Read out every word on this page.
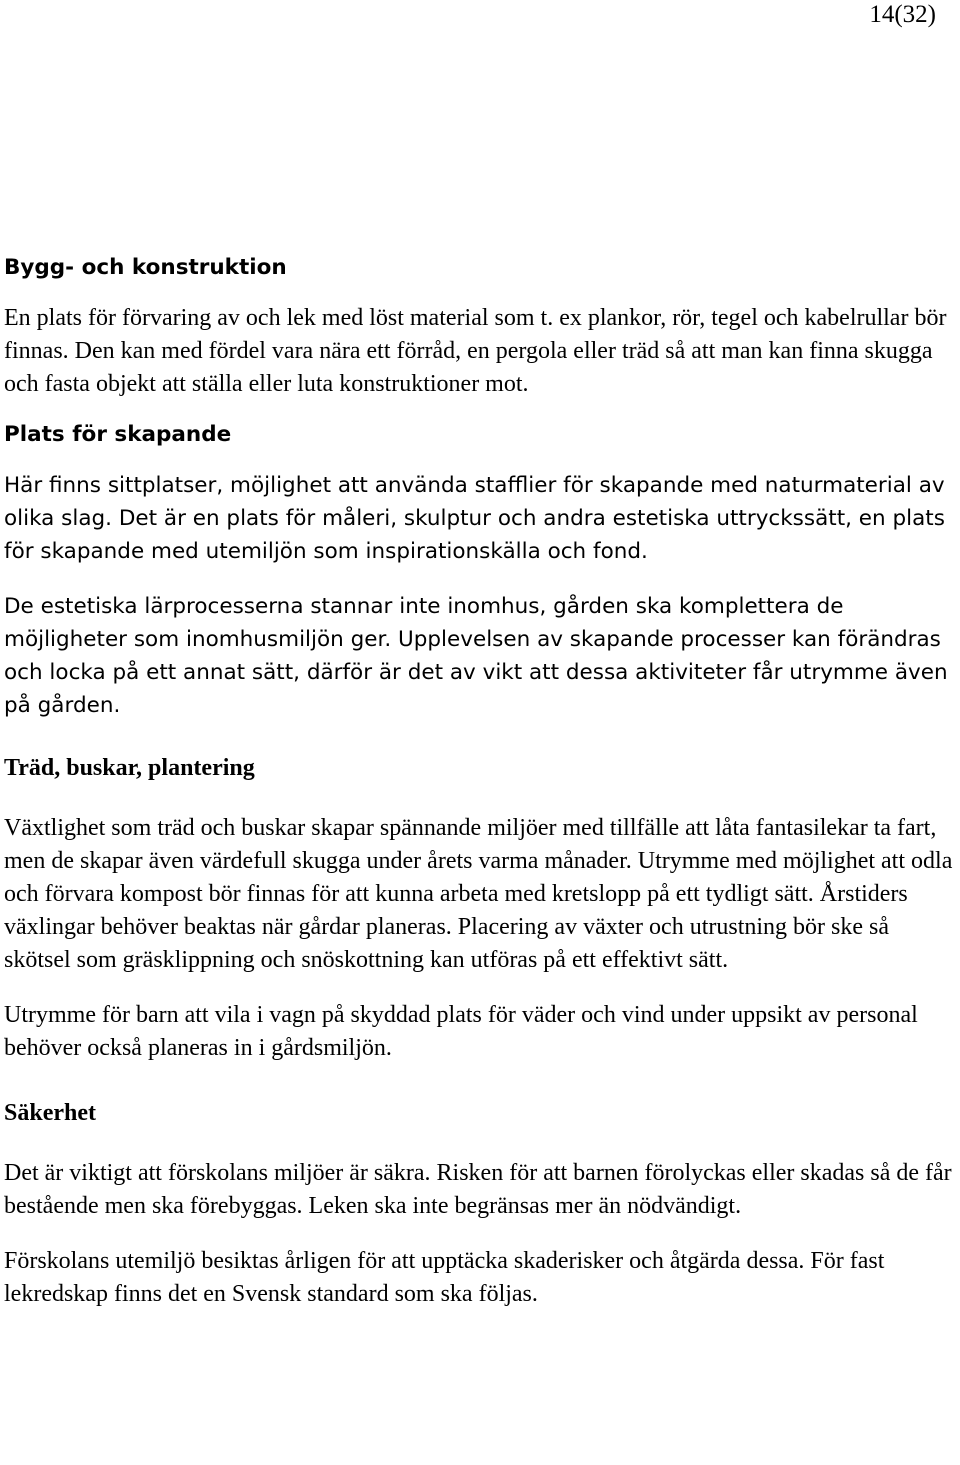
14(32)
Bygg- och konstruktion

En plats för förvaring av och lek med löst material som t. ex plankor, rör, tegel och kabelrullar bör finnas. Den kan med fördel vara nära ett förråd, en pergola eller träd så att man kan finna skugga och fasta objekt att ställa eller luta konstruktioner mot.

Plats för skapande

Här finns sittplatser, möjlighet att använda stafflier för skapande med naturmaterial av olika slag. Det är en plats för måleri, skulptur och andra estetiska uttryckssätt, en plats för skapande med utemiljön som inspirationskälla och fond.

De estetiska lärprocesserna stannar inte inomhus, gården ska komplettera de möjligheter som inomhusmiljön ger. Upplevelsen av skapande processer kan förändras och locka på ett annat sätt, därför är det av vikt att dessa aktiviteter får utrymme även på gården.

Träd, buskar, plantering

Växtlighet som träd och buskar skapar spännande miljöer med tillfälle att låta fantasilekar ta fart, men de skapar även värdefull skugga under årets varma månader. Utrymme med möjlighet att odla och förvara kompost bör finnas för att kunna arbeta med kretslopp på ett tydligt sätt. Årstiders växlingar behöver beaktas när gårdar planeras. Placering av växter och utrustning bör ske så skötsel som gräsklippning och snöskottning kan utföras på ett effektivt sätt.

Utrymme för barn att vila i vagn på skyddad plats för väder och vind under uppsikt av personal behöver också planeras in i gårdsmiljön.

Säkerhet

Det är viktigt att förskolans miljöer är säkra. Risken för att barnen förolyckas eller skadas så de får bestående men ska förebyggas. Leken ska inte begränsas mer än nödvändigt.

Förskolans utemiljö besiktas årligen för att upptäcka skaderisker och åtgärda dessa. För fast lekredskap finns det en Svensk standard som ska följas.
